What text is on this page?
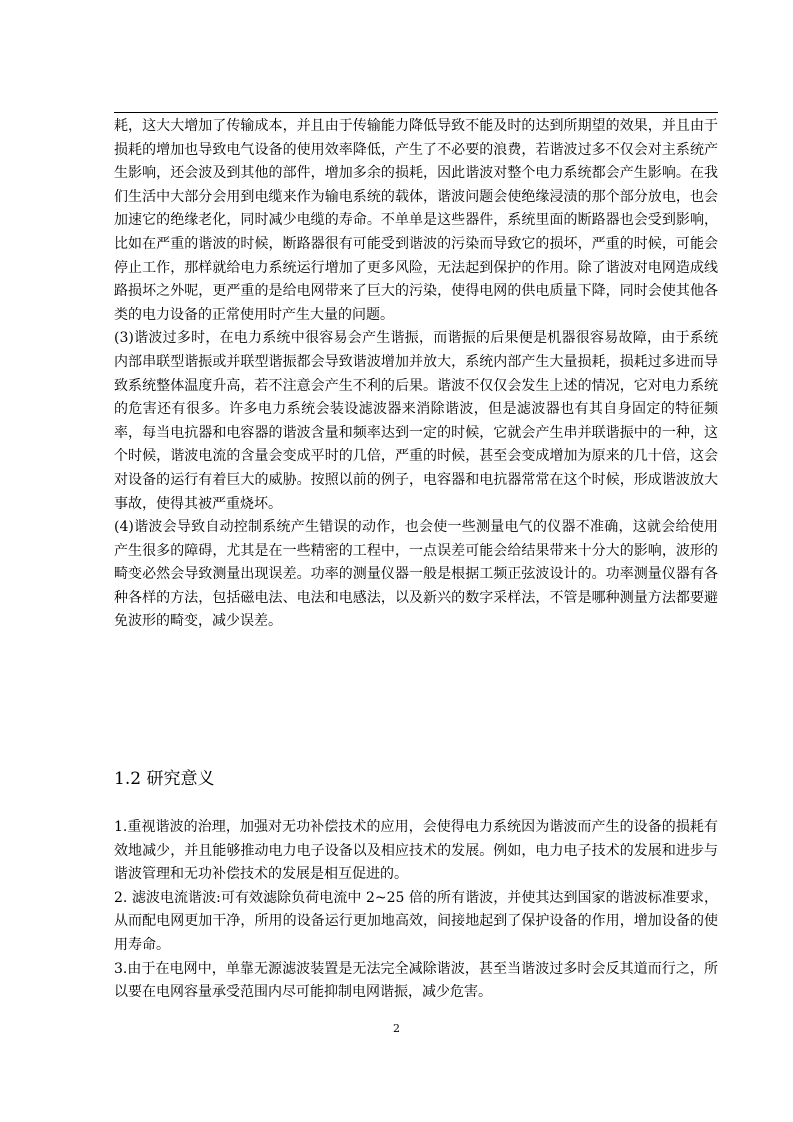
耗，这大大增加了传输成本，并且由于传输能力降低导致不能及时的达到所期望的效果，并且由于损耗的增加也导致电气设备的使用效率降低，产生了不必要的浪费，若谐波过多不仅会对主系统产生影响，还会波及到其他的部件，增加多余的损耗，因此谐波对整个电力系统都会产生影响。在我们生活中大部分会用到电缆来作为输电系统的载体，谐波问题会使绝缘浸渍的那个部分放电，也会加速它的绝缘老化，同时减少电缆的寿命。不单单是这些器件，系统里面的断路器也会受到影响，比如在严重的谐波的时候，断路器很有可能受到谐波的污染而导致它的损坏，严重的时候，可能会停止工作，那样就给电力系统运行增加了更多风险，无法起到保护的作用。除了谐波对电网造成线路损坏之外呢，更严重的是给电网带来了巨大的污染，使得电网的供电质量下降，同时会使其他各类的电力设备的正常使用时产生大量的问题。

(3)谐波过多时，在电力系统中很容易会产生谐振，而谐振的后果便是机器很容易故障，由于系统内部串联型谐振或并联型谐振都会导致谐波增加并放大，系统内部产生大量损耗，损耗过多进而导致系统整体温度升高，若不注意会产生不利的后果。谐波不仅仅会发生上述的情况，它对电力系统的危害还有很多。许多电力系统会装设滤波器来消除谐波，但是滤波器也有其自身固定的特征频率，每当电抗器和电容器的谐波含量和频率达到一定的时候，它就会产生串并联谐振中的一种，这个时候，谐波电流的含量会变成平时的几倍，严重的时候，甚至会变成增加为原来的几十倍，这会对设备的运行有着巨大的威胁。按照以前的例子，电容器和电抗器常常在这个时候，形成谐波放大事故，使得其被严重烧坏。

(4)谐波会导致自动控制系统产生错误的动作，也会使一些测量电气的仪器不准确，这就会给使用产生很多的障碍，尤其是在一些精密的工程中，一点误差可能会给结果带来十分大的影响，波形的畸变必然会导致测量出现误差。功率的测量仪器一般是根据工频正弦波设计的。功率测量仪器有各种各样的方法，包括磁电法、电法和电感法，以及新兴的数字采样法，不管是哪种测量方法都要避免波形的畸变，减少误差。

1.2 研究意义

1.重视谐波的治理，加强对无功补偿技术的应用，会使得电力系统因为谐波而产生的设备的损耗有效地减少，并且能够推动电力电子设备以及相应技术的发展。例如，电力电子技术的发展和进步与谐波管理和无功补偿技术的发展是相互促进的。

2. 滤波电流谐波:可有效滤除负荷电流中 2~25 倍的所有谐波，并使其达到国家的谐波标准要求，从而配电网更加干净，所用的设备运行更加地高效，间接地起到了保护设备的作用，增加设备的使用寿命。

3.由于在电网中，单靠无源滤波装置是无法完全减除谐波，甚至当谐波过多时会反其道而行之，所以要在电网容量承受范围内尽可能抑制电网谐振，减少危害。

2
